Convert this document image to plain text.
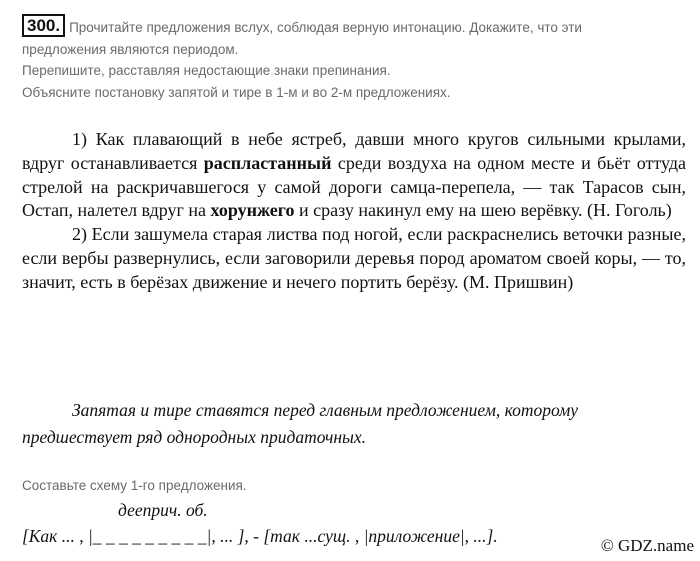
300. Прочитайте предложения вслух, соблюдая верную интонацию. Докажите, что эти
предложения являются периодом.
Перепишите, расставляя недостающие знаки препинания.
Объясните постановку запятой и тире в 1-м и во 2-м предложениях.

1) Как плавающий в небе ястреб, давши много кругов сильными крылами, вдруг останавливается распластанный среди воздуха на одном месте и бьёт оттуда стрелой на раскричавшегося у самой дороги самца-перепела, — так Тарасов сын, Остап, налетел вдруг на хорунжего и сразу накинул ему на шею верёвку. (Н. Гоголь)

2) Если зашумела старая листва под ногой, если раскраснелись веточки разные, если вербы развернулись, если заговорили деревья пород ароматом своей коры, — то, значит, есть в берёзах движение и нечего портить берёзу. (М. Пришвин)

Запятая и тире ставятся перед главным предложением, которому предшествует ряд однородных придаточных.
Составьте схему 1-го предложения.
дееприч. об.
[Как ... , |_ _ _ _ _ _ _ _ _|, ... ], - [так ...сущ. , |приложение|, ...].	© GDZ.name
